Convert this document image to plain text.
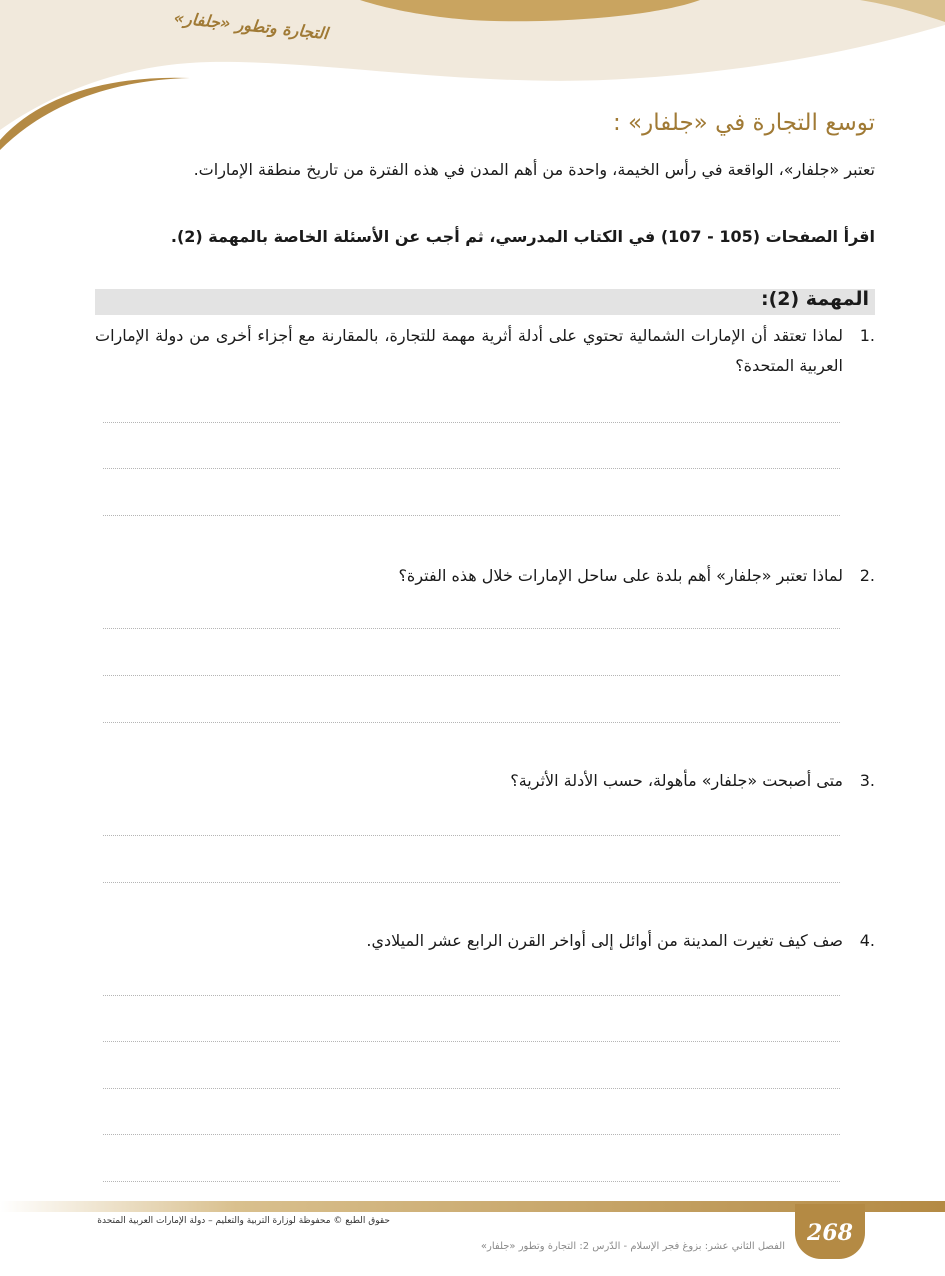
التجارة وتطور «جلفار»
توسع التجارة في «جلفار» :
تعتبر «جلفار»، الواقعة في رأس الخيمة، واحدة من أهم المدن في هذه الفترة من تاريخ منطقة الإمارات.
اقرأ الصفحات (105 - 107) في الكتاب المدرسي، ثم أجب عن الأسئلة الخاصة بالمهمة (2).
المهمة (2):
1.
لماذا تعتقد أن الإمارات الشمالية تحتوي على أدلة أثرية مهمة للتجارة، بالمقارنة مع أجزاء أخرى من دولة الإمارات العربية المتحدة؟
2.
لماذا تعتبر «جلفار» أهم بلدة على ساحل الإمارات خلال هذه الفترة؟
3.
متى أصبحت «جلفار» مأهولة، حسب الأدلة الأثرية؟
4.
صف كيف تغيرت المدينة من أوائل إلى أواخر القرن الرابع عشر الميلادي.
268
حقوق الطبع © محفوظة لوزارة التربية والتعليم – دولة الإمارات العربية المتحدة
الفصل الثاني عشر: بزوغ فجر الإسلام - الدّرس 2: التجارة وتطور «جلفار»
